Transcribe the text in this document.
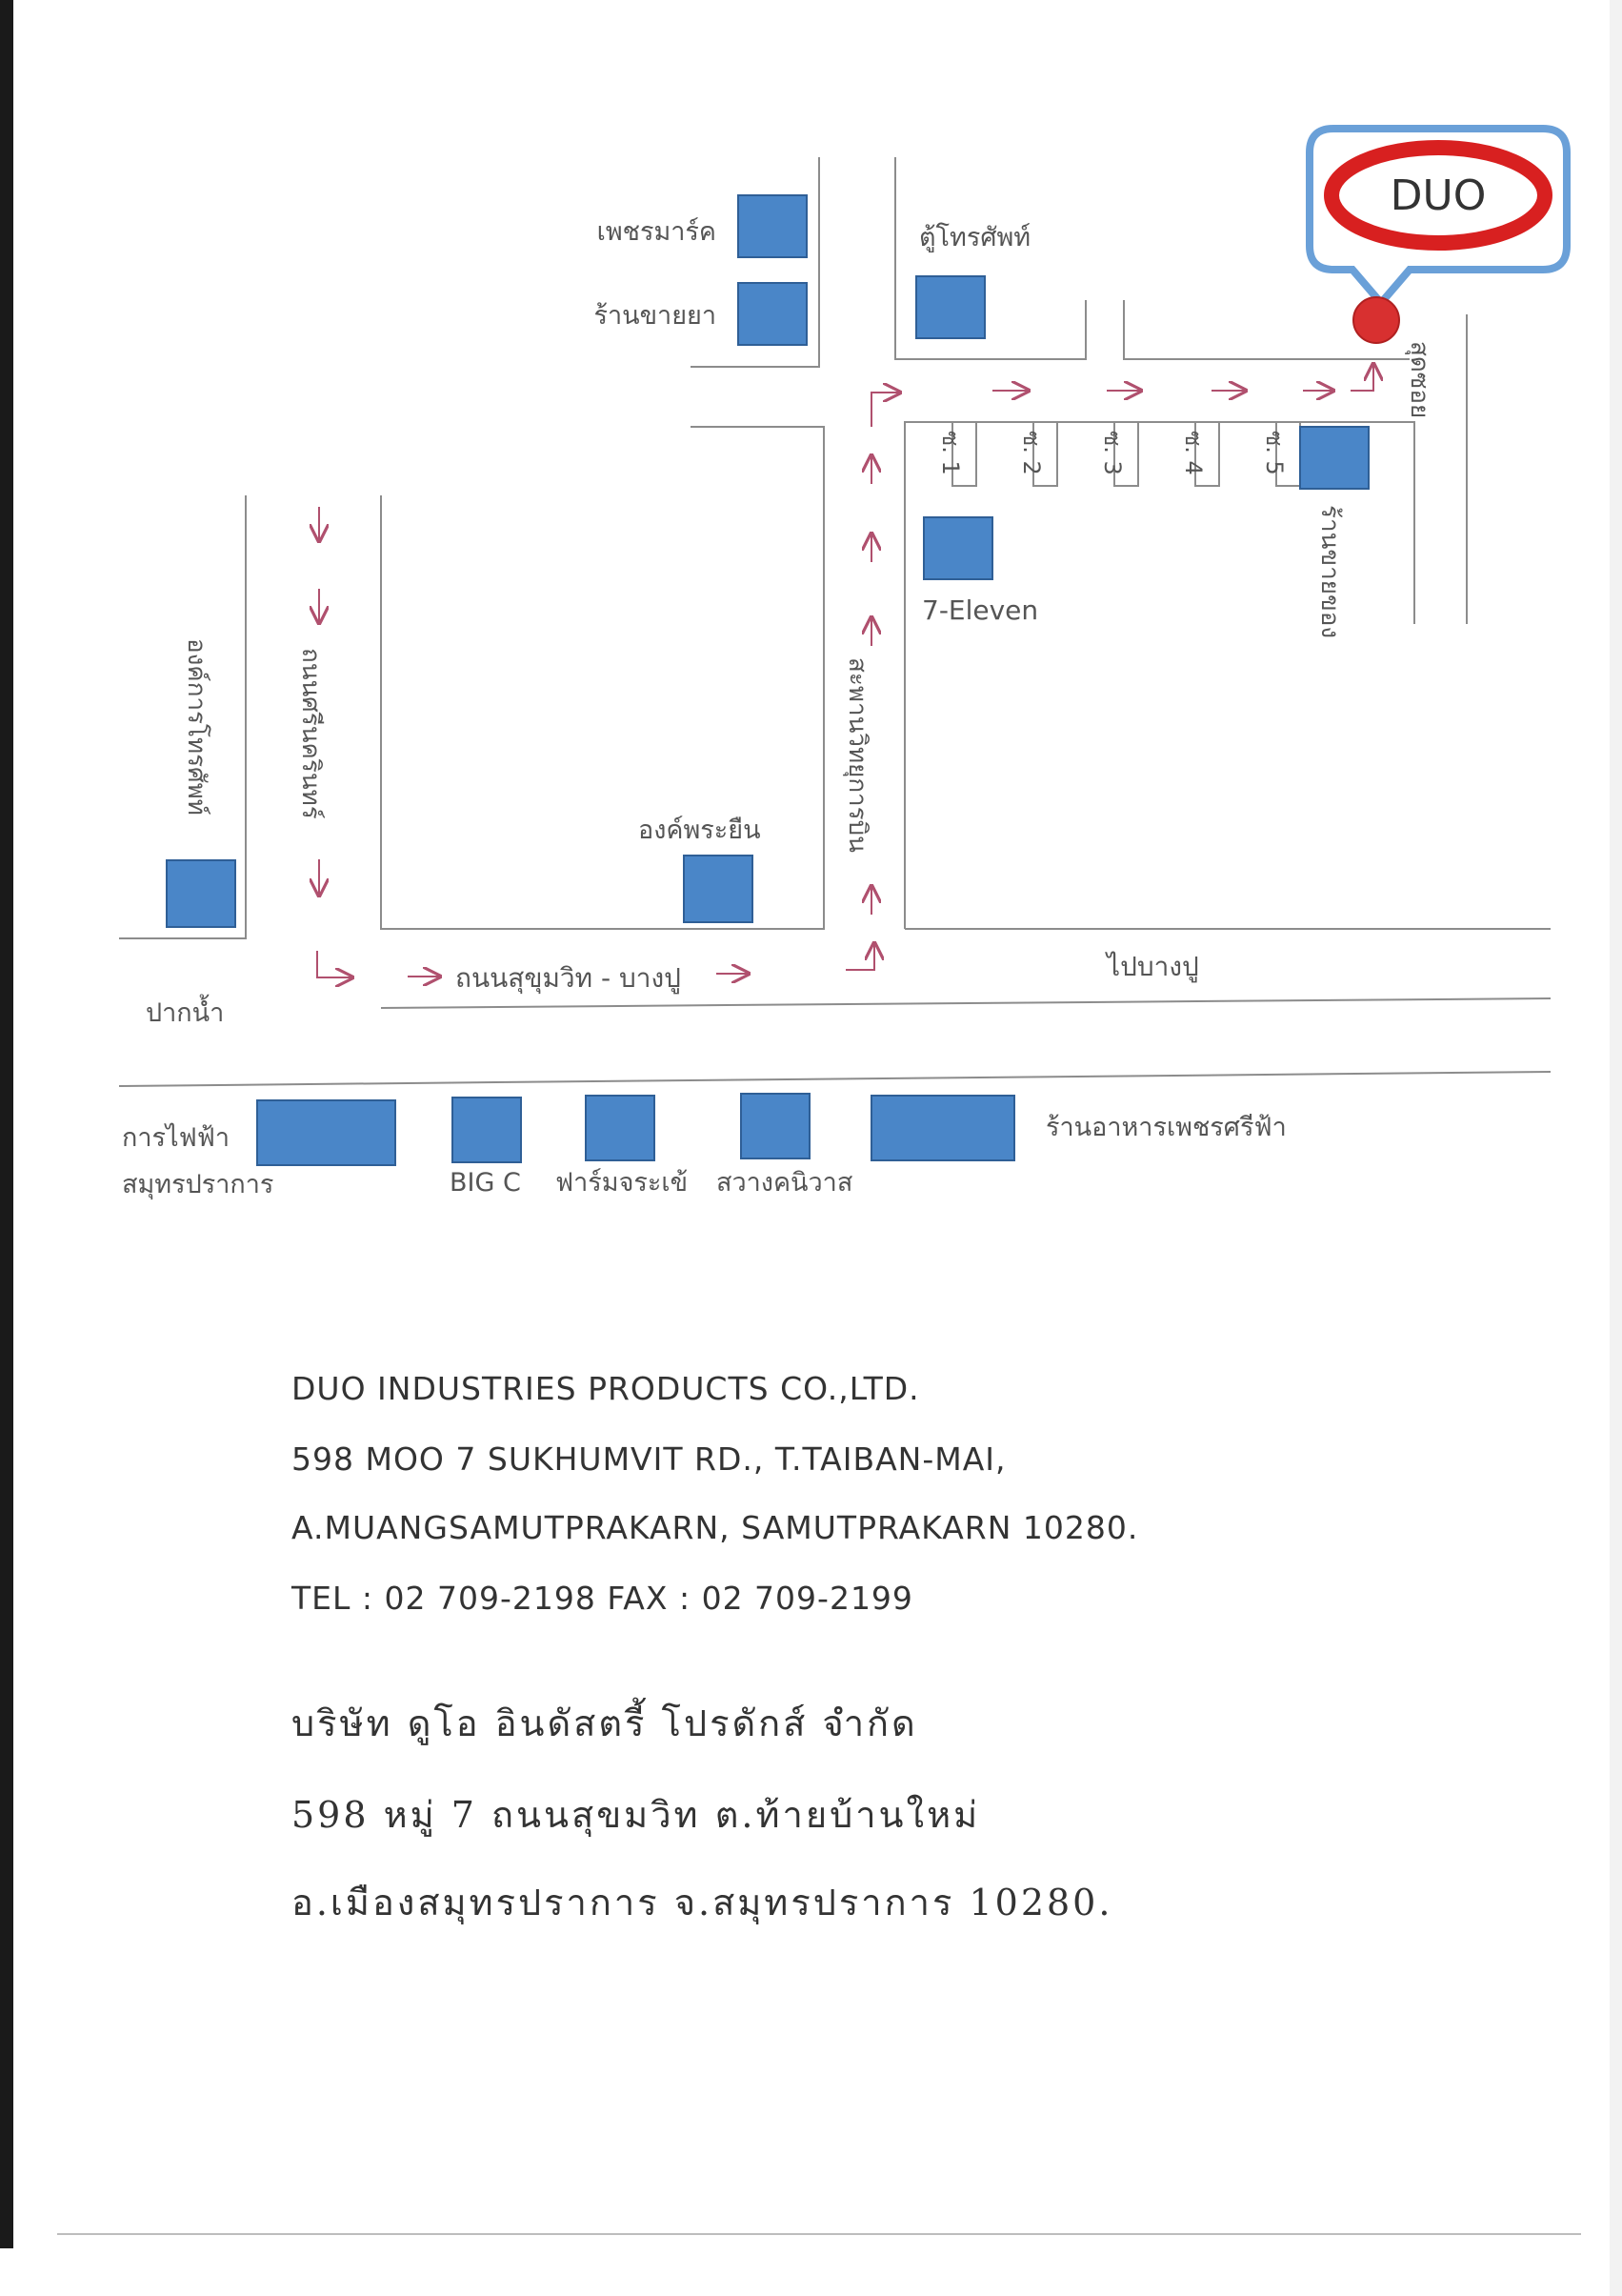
DUO
เพชรมาร์ค
ร้านขายยา
ตู้โทรศัพท์
7-Eleven
องค์พระยืน
ไปบางปู
ถนนสุขุมวิท - บางปู
ปากน้ำ
การไฟฟ้า
สมุทรปราการ	BIG C ฟาร์มจระเข้ สวางคนิวาส
ร้านอาหารเพชรศรีฟ้า
สุดซอย
ร้านขายของ
องค์การโทรศัพท์	ถนนศรีนครินทร์	สะพานวิทยุการบิน
ซ. 1 ซ. 2 ซ. 3 ซ. 4 ซ. 5
DUO INDUSTRIES PRODUCTS CO.,LTD.
598 MOO 7 SUKHUMVIT RD., T.TAIBAN-MAI,
A.MUANGSAMUTPRAKARN, SAMUTPRAKARN 10280.
TEL : 02 709-2198 FAX : 02 709-2199
บริษัท ดูโอ อินดัสตรี้ โปรดักส์ จำกัด
598 หมู่ 7 ถนนสุขมวิท ต.ท้ายบ้านใหม่
อ.เมืองสมุทรปราการ จ.สมุทรปราการ 10280.
